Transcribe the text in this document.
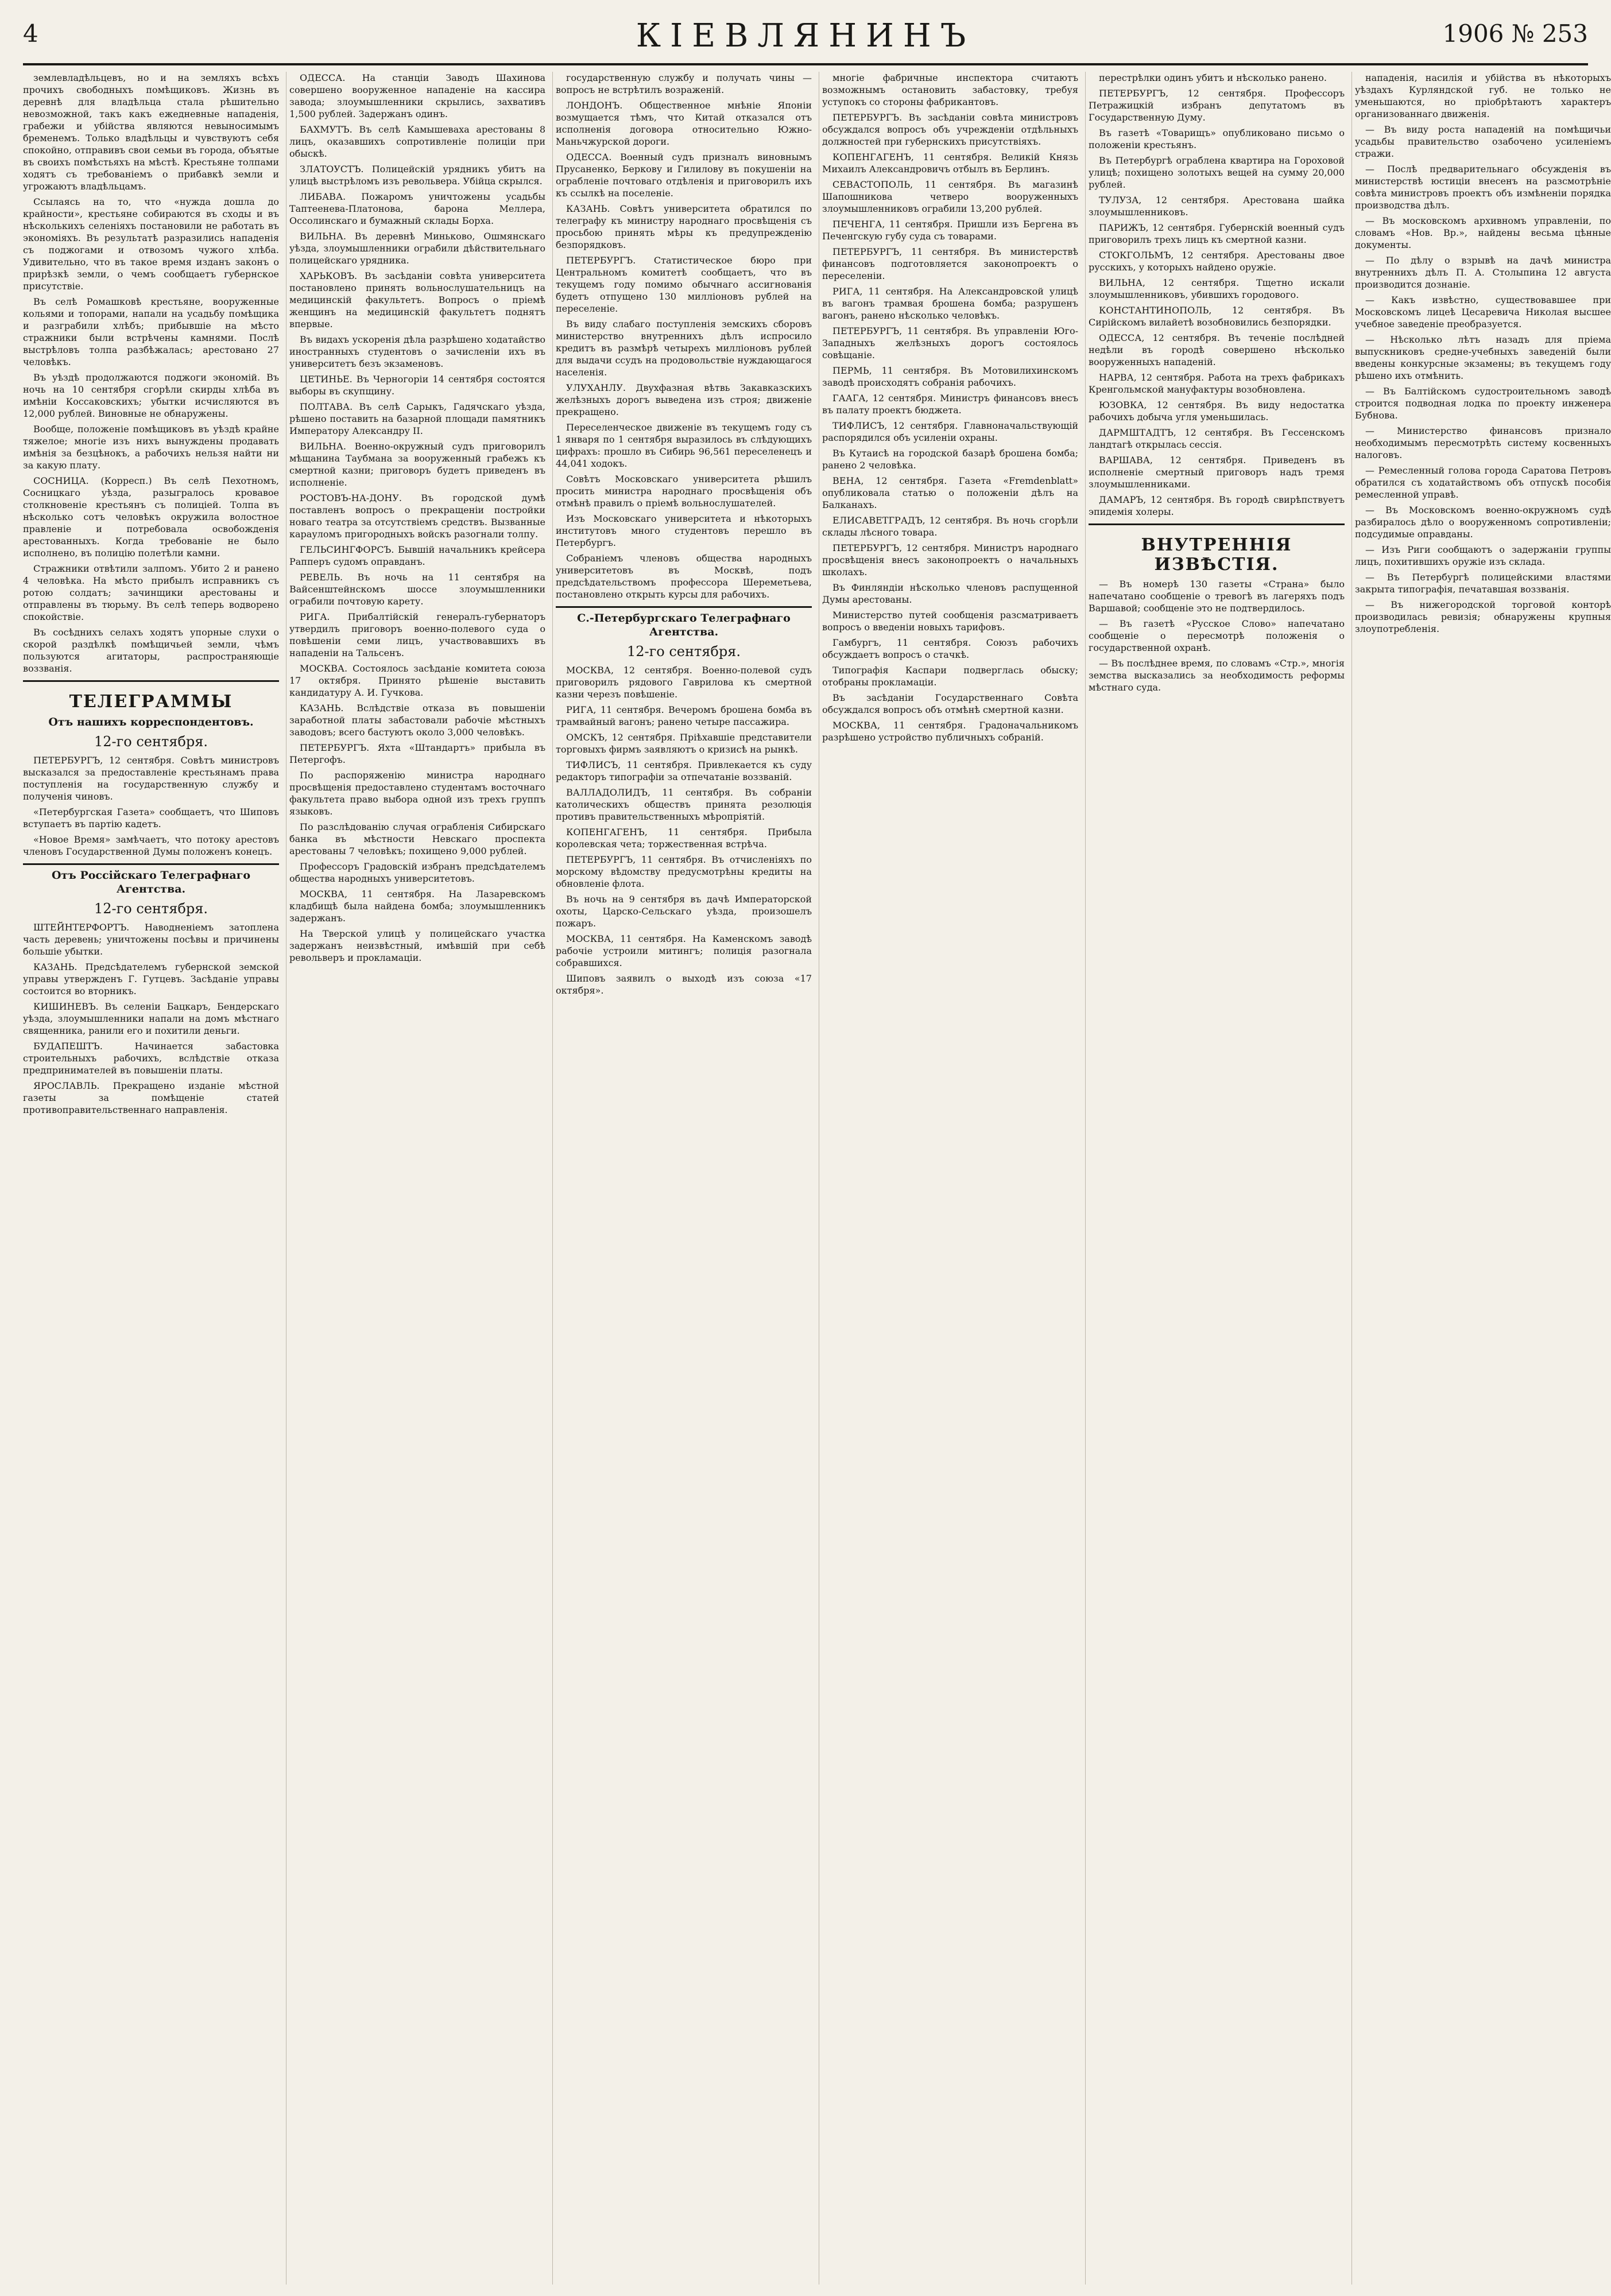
4	КІЕВЛЯНИНЪ	1906 № 253
землевладѣльцевъ, но и на земляхъ всѣхъ прочихъ свободныхъ помѣщиковъ. Жизнь въ деревнѣ для владѣльца стала рѣшительно невозможной, такъ какъ ежедневные нападенія, грабежи и убійства являются невыносимымъ бременемъ. Только владѣльцы и чувствуютъ себя спокойно, отправивъ свои семьи въ города, объятые въ своихъ помѣстьяхъ на мѣстѣ. Крестьяне толпами ходятъ съ требованіемъ о прибавкѣ земли и угрожаютъ владѣльцамъ.
Ссылаясь на то, что «нужда дошла до крайности», крестьяне собираются въ сходы и въ нѣсколькихъ селеніяхъ постановили не работать въ экономіяхъ. Въ результатѣ разразились нападенія съ поджогами и отвозомъ чужого хлѣба. Удивительно, что въ такое время изданъ законъ о прирѣзкѣ земли, о чемъ сообщаетъ губернское присутствіе.
Въ селѣ Ромашковѣ крестьяне, вооруженные кольями и топорами, напали на усадьбу помѣщика и разграбили хлѣбъ; прибывшіе на мѣсто стражники были встрѣчены камнями. Послѣ выстрѣловъ толпа разбѣжалась; арестовано 27 человѣкъ.
Въ уѣздѣ продолжаются поджоги экономій. Въ ночь на 10 сентября сгорѣли скирды хлѣба въ имѣніи Коссаковскихъ; убытки исчисляются въ 12,000 рублей. Виновные не обнаружены.
Вообще, положеніе помѣщиковъ въ уѣздѣ крайне тяжелое; многіе изъ нихъ вынуждены продавать имѣнія за безцѣнокъ, а рабочихъ нельзя найти ни за какую плату.
СОСНИЦА. (Корресп.) Въ селѣ Пехотномъ, Сосницкаго уѣзда, разыгралось кровавое столкновеніе крестьянъ съ полиціей. Толпа въ нѣсколько сотъ человѣкъ окружила волостное правленіе и потребовала освобожденія арестованныхъ. Когда требованіе не было исполнено, въ полицію полетѣли камни.
Стражники отвѣтили залпомъ. Убито 2 и ранено 4 человѣка. На мѣсто прибылъ исправникъ съ ротою солдатъ; зачинщики арестованы и отправлены въ тюрьму. Въ селѣ теперь водворено спокойствіе.
Въ сосѣднихъ селахъ ходятъ упорные слухи о скорой раздѣлкѣ помѣщичьей земли, чѣмъ пользуются агитаторы, распространяющіе воззванія.
ТЕЛЕГРАММЫ
Отъ нашихъ корреспондентовъ.
12-го сентября.
ПЕТЕРБУРГЪ, 12 сентября. Совѣтъ министровъ высказался за предоставленіе крестьянамъ права поступленія на государственную службу и полученія чиновъ.
«Петербургская Газета» сообщаетъ, что Шиповъ вступаетъ въ партію кадетъ.
«Новое Время» замѣчаетъ, что потоку арестовъ членовъ Государственной Думы положенъ конецъ.
Отъ Россійскаго Телеграфнаго Агентства.
12-го сентября.
ШТЕЙНТЕРФОРТЪ. Наводненіемъ затоплена часть деревень; уничтожены посѣвы и причинены большіе убытки.
КАЗАНЬ. Предсѣдателемъ губернской земской управы утвержденъ Г. Гутцевъ. Засѣданіе управы состоится во вторникъ.
КИШИНЕВЪ. Въ селеніи Бацкаръ, Бендерскаго уѣзда, злоумышленники напали на домъ мѣстнаго священника, ранили его и похитили деньги.
БУДАПЕШТЪ. Начинается забастовка строительныхъ рабочихъ, вслѣдствіе отказа предпринимателей въ повышеніи платы.
ЯРОСЛАВЛЬ. Прекращено изданіе мѣстной газеты за помѣщеніе статей противоправительственнаго направленія.
ОДЕССА. На станціи Заводъ Шахинова совершено вооруженное нападеніе на кассира завода; злоумышленники скрылись, захвативъ 1,500 рублей. Задержанъ одинъ.
БАХМУТЪ. Въ селѣ Камышеваха арестованы 8 лицъ, оказавшихъ сопротивленіе полиціи при обыскѣ.
ЗЛАТОУСТЪ. Полицейскій урядникъ убитъ на улицѣ выстрѣломъ изъ револьвера. Убійца скрылся.
ЛИБАВА. Пожаромъ уничтожены усадьбы Таптеенева-Платонова, барона Меллера, Оссолинскаго и бумажный склады Борха.
ВИЛЬНА. Въ деревнѣ Миньково, Ошмянскаго уѣзда, злоумышленники ограбили дѣйствительнаго полицейскаго урядника.
ХАРЬКОВЪ. Въ засѣданіи совѣта университета постановлено принять вольнослушательницъ на медицинскій факультетъ. Вопросъ о пріемѣ женщинъ на медицинскій факультетъ поднятъ впервые.
Въ видахъ ускоренія дѣла разрѣшено ходатайство иностранныхъ студентовъ о зачисленіи ихъ въ университетъ безъ экзаменовъ.
ЦЕТИНЬЕ. Въ Черногоріи 14 сентября состоятся выборы въ скупщину.
ПОЛТАВА. Въ селѣ Сарыкъ, Гадячскаго уѣзда, рѣшено поставить на базарной площади памятникъ Императору Александру II.
ВИЛЬНА. Военно-окружный судъ приговорилъ мѣщанина Таубмана за вооруженный грабежъ къ смертной казни; приговоръ будетъ приведенъ въ исполненіе.
РОСТОВЪ-НА-ДОНУ. Въ городской думѣ поставленъ вопросъ о прекращеніи постройки новаго театра за отсутствіемъ средствъ. Вызванные карауломъ пригородныхъ войскъ разогнали толпу.
ГЕЛЬСИНГФОРСЪ. Бывшій начальникъ крейсера Рапперъ судомъ оправданъ.
РЕВЕЛЬ. Въ ночь на 11 сентября на Вайсенштейнскомъ шоссе злоумышленники ограбили почтовую карету.
РИГА. Прибалтійскій генералъ-губернаторъ утвердилъ приговоръ военно-полевого суда о повѣшеніи семи лицъ, участвовавшихъ въ нападеніи на Тальсенъ.
МОСКВА. Состоялось засѣданіе комитета союза 17 октября. Принято рѣшеніе выставить кандидатуру А. И. Гучкова.
КАЗАНЬ. Вслѣдствіе отказа въ повышеніи заработной платы забастовали рабочіе мѣстныхъ заводовъ; всего бастуютъ около 3,000 человѣкъ.
ПЕТЕРБУРГЪ. Яхта «Штандартъ» прибыла въ Петергофъ.
По распоряженію министра народнаго просвѣщенія предоставлено студентамъ восточнаго факультета право выбора одной изъ трехъ группъ языковъ.
По разслѣдованію случая ограбленія Сибирскаго банка въ мѣстности Невскаго проспекта арестованы 7 человѣкъ; похищено 9,000 рублей.
Профессоръ Градовскій избранъ предсѣдателемъ общества народныхъ университетовъ.
МОСКВА, 11 сентября. На Лазаревскомъ кладбищѣ была найдена бомба; злоумышленникъ задержанъ.
На Тверской улицѣ у полицейскаго участка задержанъ неизвѣстный, имѣвшій при себѣ револьверъ и прокламаціи.
государственную службу и получать чины — вопросъ не встрѣтилъ возраженій.
ЛОНДОНЪ. Общественное мнѣніе Японіи возмущается тѣмъ, что Китай отказался отъ исполненія договора относительно Южно-Маньчжурской дороги.
ОДЕССА. Военный судъ призналъ виновнымъ Прусаненко, Беркову и Гилилову въ покушеніи на ограбленіе почтоваго отдѣленія и приговорилъ ихъ къ ссылкѣ на поселеніе.
КАЗАНЬ. Совѣтъ университета обратился по телеграфу къ министру народнаго просвѣщенія съ просьбою принять мѣры къ предупрежденію безпорядковъ.
ПЕТЕРБУРГЪ. Статистическое бюро при Центральномъ комитетѣ сообщаетъ, что въ текущемъ году помимо обычнаго ассигнованія будетъ отпущено 130 милліоновъ рублей на переселеніе.
Въ виду слабаго поступленія земскихъ сборовъ министерство внутреннихъ дѣлъ испросило кредитъ въ размѣрѣ четырехъ милліоновъ рублей для выдачи ссудъ на продовольствіе нуждающагося населенія.
УЛУХАНЛУ. Двухфазная вѣтвь Закавказскихъ желѣзныхъ дорогъ выведена изъ строя; движеніе прекращено.
Переселенческое движеніе въ текущемъ году съ 1 января по 1 сентября выразилось въ слѣдующихъ цифрахъ: прошло въ Сибирь 96,561 переселенецъ и 44,041 ходокъ.
Совѣтъ Московскаго университета рѣшилъ просить министра народнаго просвѣщенія объ отмѣнѣ правилъ о пріемѣ вольнослушателей.
Изъ Московскаго университета и нѣкоторыхъ институтовъ много студентовъ перешло въ Петербургъ.
Собраніемъ членовъ общества народныхъ университетовъ въ Москвѣ, подъ предсѣдательствомъ профессора Шереметьева, постановлено открыть курсы для рабочихъ.
С.-Петербургскаго Телеграфнаго Агентства.
12-го сентября.
МОСКВА, 12 сентября. Военно-полевой судъ приговорилъ рядового Гаврилова къ смертной казни черезъ повѣшеніе.
РИГА, 11 сентября. Вечеромъ брошена бомба въ трамвайный вагонъ; ранено четыре пассажира.
ОМСКЪ, 12 сентября. Пріѣхавшіе представители торговыхъ фирмъ заявляютъ о кризисѣ на рынкѣ.
ТИФЛИСЪ, 11 сентября. Привлекается къ суду редакторъ типографіи за отпечатаніе воззваній.
ВАЛЛАДОЛИДЪ, 11 сентября. Въ собраніи католическихъ обществъ принята резолюція противъ правительственныхъ мѣропріятій.
КОПЕНГАГЕНЪ, 11 сентября. Прибыла королевская чета; торжественная встрѣча.
ПЕТЕРБУРГЪ, 11 сентября. Въ отчисленіяхъ по морскому вѣдомству предусмотрѣны кредиты на обновленіе флота.
Въ ночь на 9 сентября въ дачѣ Императорской охоты, Царско-Сельскаго уѣзда, произошелъ пожаръ.
МОСКВА, 11 сентября. На Каменскомъ заводѣ рабочіе устроили митингъ; полиція разогнала собравшихся.
Шиповъ заявилъ о выходѣ изъ союза «17 октября».
многіе фабричные инспектора считаютъ возможнымъ остановить забастовку, требуя уступокъ со стороны фабрикантовъ.
ПЕТЕРБУРГЪ. Въ засѣданіи совѣта министровъ обсуждался вопросъ объ учрежденіи отдѣльныхъ должностей при губернскихъ присутствіяхъ.
КОПЕНГАГЕНЪ, 11 сентября. Великій Князь Михаилъ Александровичъ отбылъ въ Берлинъ.
СЕВАСТОПОЛЬ, 11 сентября. Въ магазинѣ Шапошникова четверо вооруженныхъ злоумышленниковъ ограбили 13,200 рублей.
ПЕЧЕНГА, 11 сентября. Пришли изъ Бергена въ Печенгскую губу суда съ товарами.
ПЕТЕРБУРГЪ, 11 сентября. Въ министерствѣ финансовъ подготовляется законопроектъ о переселеніи.
РИГА, 11 сентября. На Александровской улицѣ въ вагонъ трамвая брошена бомба; разрушенъ вагонъ, ранено нѣсколько человѣкъ.
ПЕТЕРБУРГЪ, 11 сентября. Въ управленіи Юго-Западныхъ желѣзныхъ дорогъ состоялось совѣщаніе.
ПЕРМЬ, 11 сентября. Въ Мотовилихинскомъ заводѣ происходятъ собранія рабочихъ.
ГААГА, 12 сентября. Министръ финансовъ внесъ въ палату проектъ бюджета.
ТИФЛИСЪ, 12 сентября. Главноначальствующій распорядился объ усиленіи охраны.
Въ Кутаисѣ на городской базарѣ брошена бомба; ранено 2 человѣка.
ВЕНА, 12 сентября. Газета «Fremdenblatt» опубликовала статью о положеніи дѣлъ на Балканахъ.
ЕЛИСАВЕТГРАДЪ, 12 сентября. Въ ночь сгорѣли склады лѣсного товара.
ПЕТЕРБУРГЪ, 12 сентября. Министръ народнаго просвѣщенія внесъ законопроектъ о начальныхъ школахъ.
Въ Финляндіи нѣсколько членовъ распущенной Думы арестованы.
Министерство путей сообщенія разсматриваетъ вопросъ о введеніи новыхъ тарифовъ.
Гамбургъ, 11 сентября. Союзъ рабочихъ обсуждаетъ вопросъ о стачкѣ.
Типографія Каспари подверглась обыску; отобраны прокламаціи.
Въ засѣданіи Государственнаго Совѣта обсуждался вопросъ объ отмѣнѣ смертной казни.
МОСКВА, 11 сентября. Градоначальникомъ разрѣшено устройство публичныхъ собраній.
перестрѣлки одинъ убитъ и нѣсколько ранено.
ПЕТЕРБУРГЪ, 12 сентября. Профессоръ Петражицкій избранъ депутатомъ въ Государственную Думу.
Въ газетѣ «Товарищъ» опубликовано письмо о положеніи крестьянъ.
Въ Петербургѣ ограблена квартира на Гороховой улицѣ; похищено золотыхъ вещей на сумму 20,000 рублей.
ТУЛУЗА, 12 сентября. Арестована шайка злоумышленниковъ.
ПАРИЖЪ, 12 сентября. Губернскій военный судъ приговорилъ трехъ лицъ къ смертной казни.
СТОКГОЛЬМЪ, 12 сентября. Арестованы двое русскихъ, у которыхъ найдено оружіе.
ВИЛЬНА, 12 сентября. Тщетно искали злоумышленниковъ, убившихъ городового.
КОНСТАНТИНОПОЛЬ, 12 сентября. Въ Сирійскомъ вилайетѣ возобновились безпорядки.
ОДЕССА, 12 сентября. Въ теченіе послѣдней недѣли въ городѣ совершено нѣсколько вооруженныхъ нападеній.
НАРВА, 12 сентября. Работа на трехъ фабрикахъ Кренгольмской мануфактуры возобновлена.
ЮЗОВКА, 12 сентября. Въ виду недостатка рабочихъ добыча угля уменьшилась.
ДАРМШТАДТЪ, 12 сентября. Въ Гессенскомъ ландтагѣ открылась сессія.
ВАРШАВА, 12 сентября. Приведенъ въ исполненіе смертный приговоръ надъ тремя злоумышленниками.
ДАМАРЪ, 12 сентября. Въ городѣ свирѣпствуетъ эпидемія холеры.
ВНУТРЕННІЯ ИЗВѢСТІЯ.
— Въ номерѣ 130 газеты «Страна» было напечатано сообщеніе о тревогѣ въ лагеряхъ подъ Варшавой; сообщеніе это не подтвердилось.
— Въ газетѣ «Русское Слово» напечатано сообщеніе о пересмотрѣ положенія о государственной охранѣ.
— Въ послѣднее время, по словамъ «Стр.», многія земства высказались за необходимость реформы мѣстнаго суда.
нападенія, насилія и убійства въ нѣкоторыхъ уѣздахъ Курляндской губ. не только не уменьшаются, но пріобрѣтаютъ характеръ организованнаго движенія.
— Въ виду роста нападеній на помѣщичьи усадьбы правительство озабочено усиленіемъ стражи.
— Послѣ предварительнаго обсужденія въ министерствѣ юстиціи внесенъ на разсмотрѣніе совѣта министровъ проектъ объ измѣненіи порядка производства дѣлъ.
— Въ московскомъ архивномъ управленіи, по словамъ «Нов. Вр.», найдены весьма цѣнные документы.
— По дѣлу о взрывѣ на дачѣ министра внутреннихъ дѣлъ П. А. Столыпина 12 августа производится дознаніе.
— Какъ извѣстно, существовавшее при Московскомъ лицеѣ Цесаревича Николая высшее учебное заведеніе преобразуется.
— Нѣсколько лѣтъ назадъ для пріема выпускниковъ средне-учебныхъ заведеній были введены конкурсные экзамены; въ текущемъ году рѣшено ихъ отмѣнить.
— Въ Балтійскомъ судостроительномъ заводѣ строится подводная лодка по проекту инженера Бубнова.
— Министерство финансовъ признало необходимымъ пересмотрѣть систему косвенныхъ налоговъ.
— Ремесленный голова города Саратова Петровъ обратился съ ходатайствомъ объ отпускѣ пособія ремесленной управѣ.
— Въ Московскомъ военно-окружномъ судѣ разбиралось дѣло о вооруженномъ сопротивленіи; подсудимые оправданы.
— Изъ Риги сообщаютъ о задержаніи группы лицъ, похитившихъ оружіе изъ склада.
— Въ Петербургѣ полицейскими властями закрыта типографія, печатавшая воззванія.
— Въ нижегородской торговой конторѣ производилась ревизія; обнаружены крупныя злоупотребленія.
